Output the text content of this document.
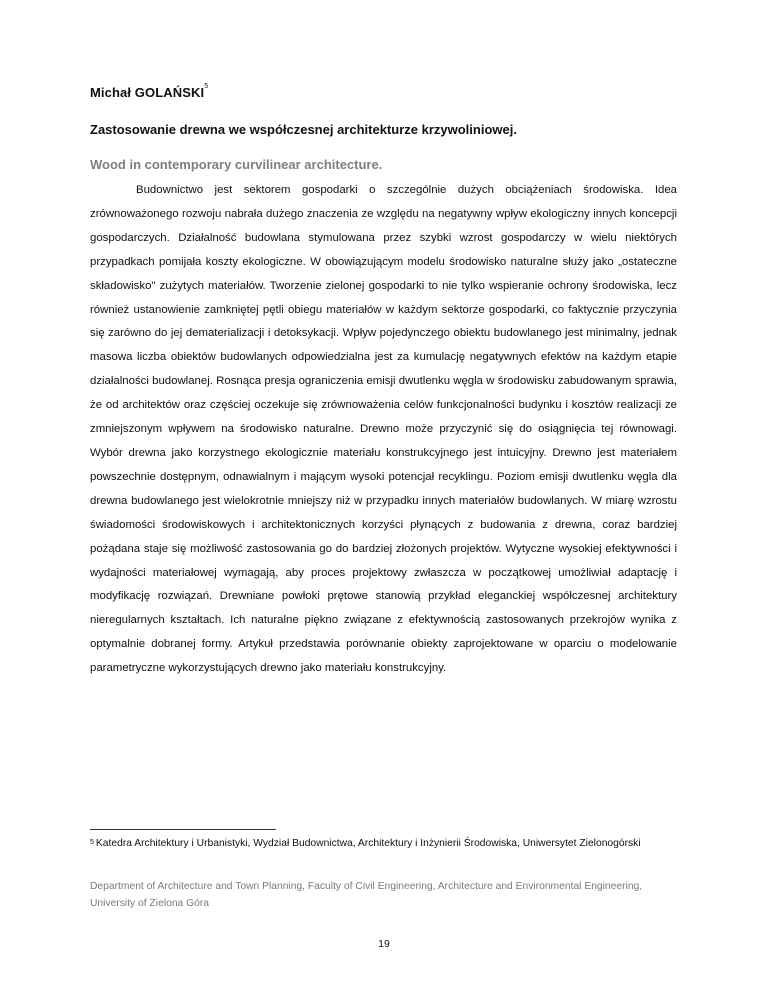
Michał GOLAŃSKI$^5$
Zastosowanie drewna we współczesnej architekturze krzywoliniowej.
Wood in contemporary curvilinear architecture.

Budownictwo jest sektorem gospodarki o szczególnie dużych obciążeniach środowiska. Idea zrównoważonego rozwoju nabrała dużego znaczenia ze względu na negatywny wpływ ekologiczny innych koncepcji gospodarczych. Działalność budowlana stymulowana przez szybki wzrost gospodarczy w wielu niektórych przypadkach pomijała koszty ekologiczne. W obowiązującym modelu środowisko naturalne służy jako „ostateczne składowisko" zużytych materiałów. Tworzenie zielonej gospodarki to nie tylko wspieranie ochrony środowiska, lecz również ustanowienie zamkniętej pętli obiegu materiałów w każdym sektorze gospodarki, co faktycznie przyczynia się zarówno do jej dematerializacji i detoksykacji. Wpływ pojedynczego obiektu budowlanego jest minimalny, jednak masowa liczba obiektów budowlanych odpowiedzialna jest za kumulację negatywnych efektów na każdym etapie działalności budowlanej. Rosnąca presja ograniczenia emisji dwutlenku węgla w środowisku zabudowanym sprawia, że od architektów oraz częściej oczekuje się zrównoważenia celów funkcjonalności budynku i kosztów realizacji ze zmniejszonym wpływem na środowisko naturalne. Drewno może przyczynić się do osiągnięcia tej równowagi. Wybór drewna jako korzystnego ekologicznie materiału konstrukcyjnego jest intuicyjny. Drewno jest materiałem powszechnie dostępnym, odnawialnym i mającym wysoki potencjał recyklingu. Poziom emisji dwutlenku węgla dla drewna budowlanego jest wielokrotnie mniejszy niż w przypadku innych materiałów budowlanych. W miarę wzrostu świadomości środowiskowych i architektonicznych korzyści płynących z budowania z drewna, coraz bardziej pożądana staje się możliwość zastosowania go do bardziej złożonych projektów. Wytyczne wysokiej efektywności i wydajności materiałowej wymagają, aby proces projektowy zwłaszcza w początkowej umożliwiał adaptację i modyfikację rozwiązań. Drewniane powłoki prętowe stanowią przykład eleganckiej współczesnej architektury nieregularnych kształtach. Ich naturalne piękno związane z efektywnością zastosowanych przekrojów wynika z optymalnie dobranej formy. Artykuł przedstawia porównanie obiekty zaprojektowane w oparciu o modelowanie parametryczne wykorzystujących drewno jako materiału konstrukcyjny.

$^5$ Katedra Architektury i Urbanistyki, Wydział Budownictwa, Architektury i Inżynierii Środowiska, Uniwersytet Zielonogórski

Department of Architecture and Town Planning, Faculty of Civil Engineering, Architecture and Environmental Engineering, University of Zielona Góra

19
